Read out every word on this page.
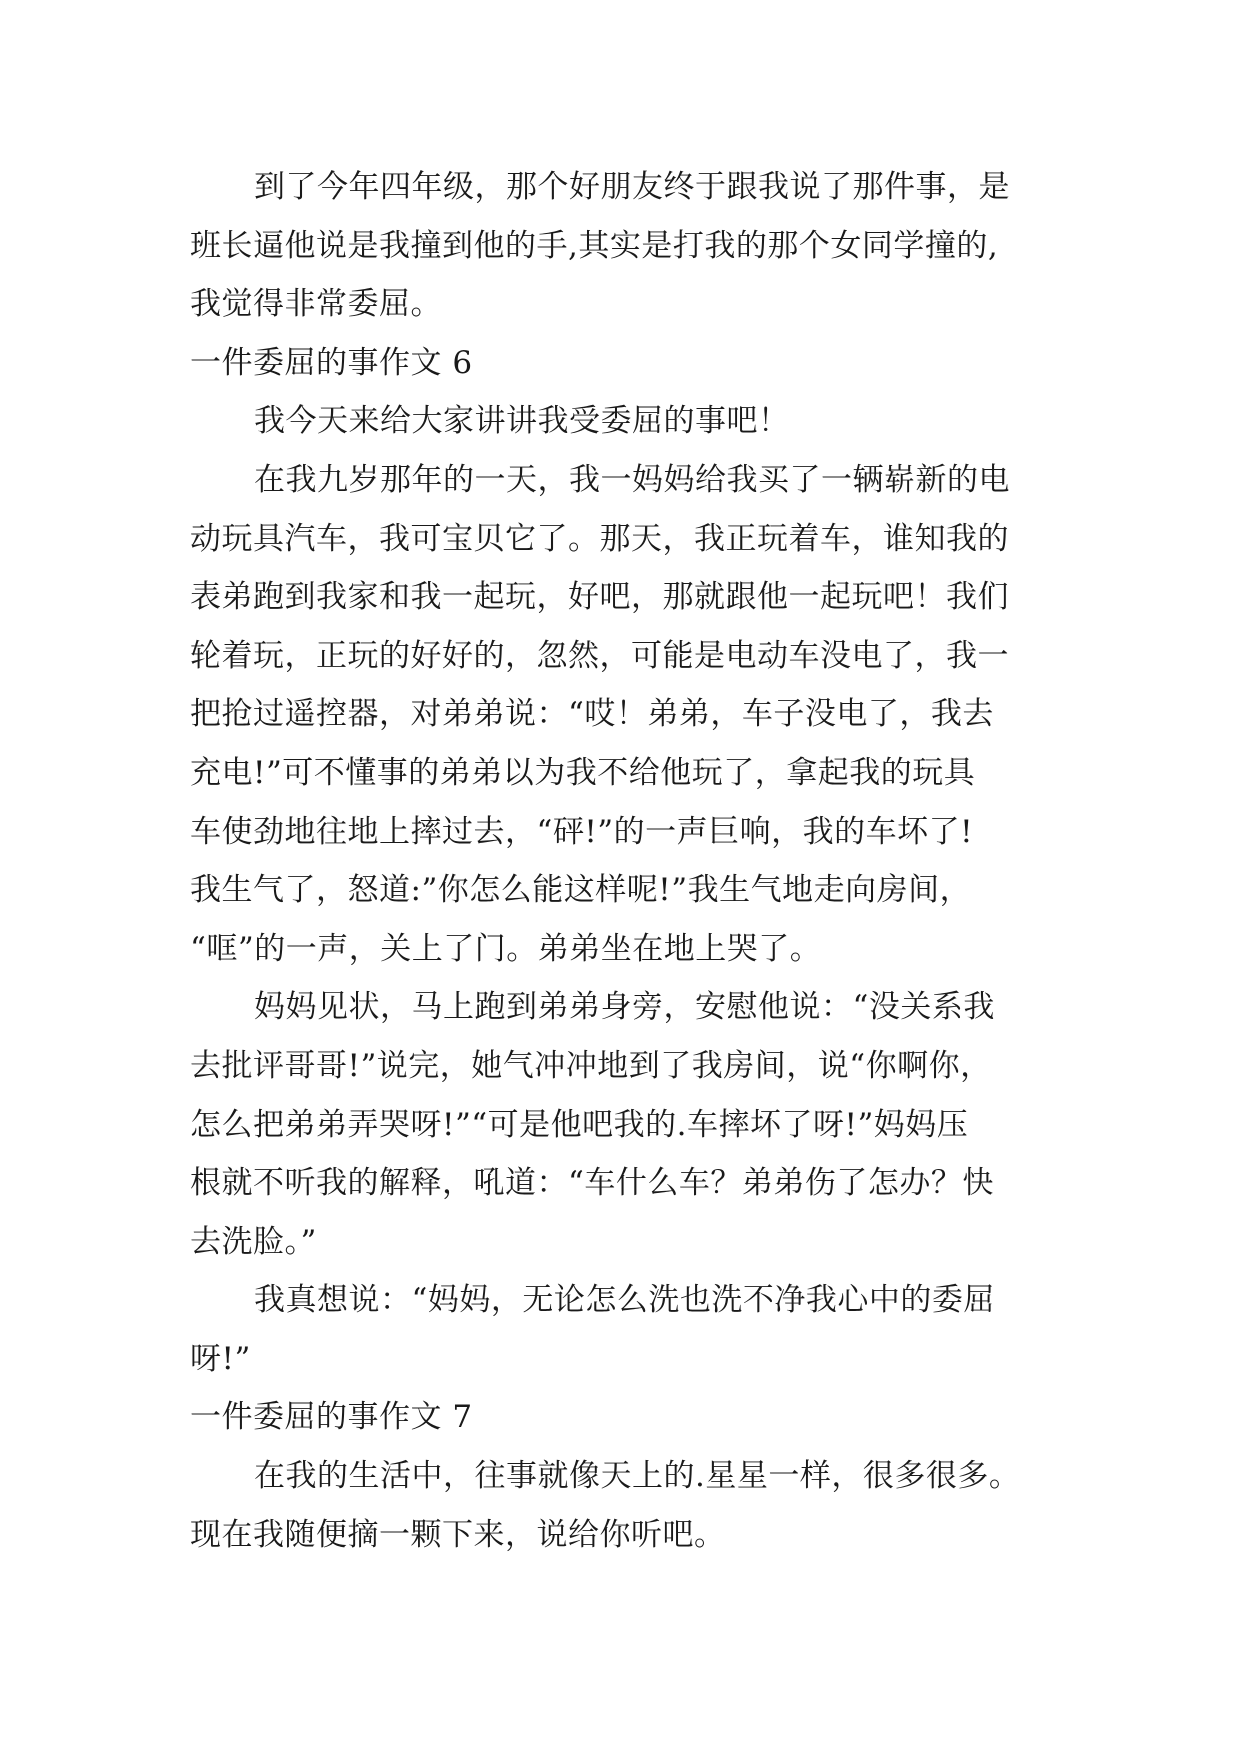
到了今年四年级，那个好朋友终于跟我说了那件事，是
班长逼他说是我撞到他的手,其实是打我的那个女同学撞的,
我觉得非常委屈。
一件委屈的事作文 6
我今天来给大家讲讲我受委屈的事吧！
在我九岁那年的一天，我一妈妈给我买了一辆崭新的电
动玩具汽车，我可宝贝它了。那天，我正玩着车，谁知我的
表弟跑到我家和我一起玩，好吧，那就跟他一起玩吧！我们
轮着玩，正玩的好好的，忽然，可能是电动车没电了，我一
把抢过遥控器，对弟弟说：“哎！弟弟，车子没电了，我去
充电!”可不懂事的弟弟以为我不给他玩了，拿起我的玩具
车使劲地往地上摔过去，“砰!”的一声巨响，我的车坏了!
我生气了，怒道:”你怎么能这样呢!”我生气地走向房间，
“哐”的一声，关上了门。弟弟坐在地上哭了。
妈妈见状，马上跑到弟弟身旁，安慰他说：“没关系我
去批评哥哥!”说完，她气冲冲地到了我房间，说“你啊你，
怎么把弟弟弄哭呀!”“可是他吧我的.车摔坏了呀!”妈妈压
根就不听我的解释，吼道：“车什么车？弟弟伤了怎办？快
去洗脸。”
我真想说：“妈妈，无论怎么洗也洗不净我心中的委屈
呀!”
一件委屈的事作文 7
在我的生活中，往事就像天上的.星星一样，很多很多。
现在我随便摘一颗下来，说给你听吧。
